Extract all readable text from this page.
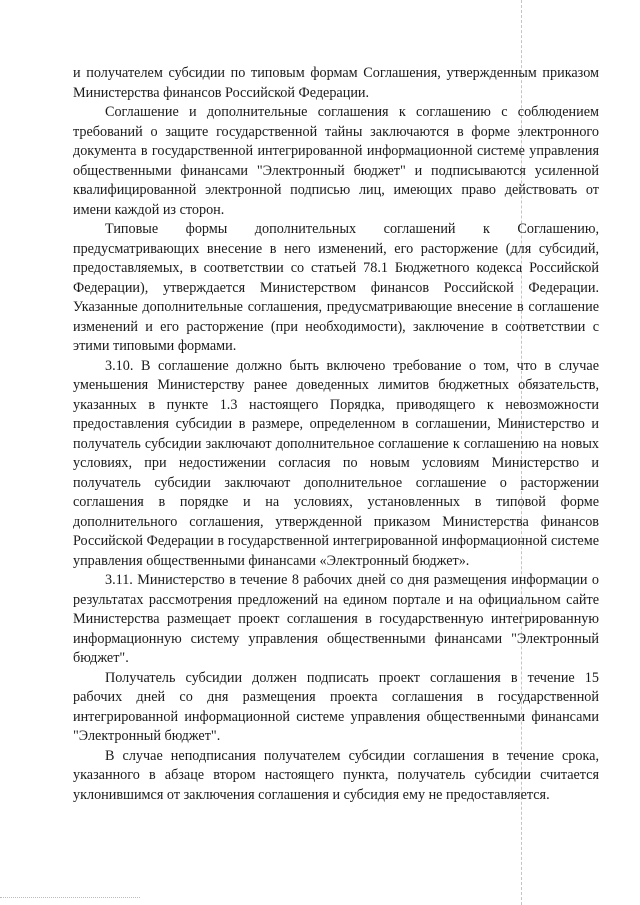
и получателем субсидии по типовым формам Соглашения, утвержденным приказом Министерства финансов Российской Федерации.

Соглашение и дополнительные соглашения к соглашению с соблюдением требований о защите государственной тайны заключаются в форме электронного документа в государственной интегрированной информационной системе управления общественными финансами "Электронный бюджет" и подписываются усиленной квалифицированной электронной подписью лиц, имеющих право действовать от имени каждой из сторон.

Типовые формы дополнительных соглашений к Соглашению, предусматривающих внесение в него изменений, его расторжение (для субсидий, предоставляемых, в соответствии со статьей 78.1 Бюджетного кодекса Российской Федерации), утверждается Министерством финансов Российской Федерации. Указанные дополнительные соглашения, предусматривающие внесение в соглашение изменений и его расторжение (при необходимости), заключение в соответствии с этими типовыми формами.

3.10. В соглашение должно быть включено требование о том, что в случае уменьшения Министерству ранее доведенных лимитов бюджетных обязательств, указанных в пункте 1.3 настоящего Порядка, приводящего к невозможности предоставления субсидии в размере, определенном в соглашении, Министерство и получатель субсидии заключают дополнительное соглашение к соглашению на новых условиях, при недостижении согласия по новым условиям Министерство и получатель субсидии заключают дополнительное соглашение о расторжении соглашения в порядке и на условиях, установленных в типовой форме дополнительного соглашения, утвержденной приказом Министерства финансов Российской Федерации в государственной интегрированной информационной системе управления общественными финансами «Электронный бюджет».

3.11. Министерство в течение 8 рабочих дней со дня размещения информации о результатах рассмотрения предложений на едином портале и на официальном сайте Министерства размещает проект соглашения в государственную интегрированную информационную систему управления общественными финансами "Электронный бюджет".

Получатель субсидии должен подписать проект соглашения в течение 15 рабочих дней со дня размещения проекта соглашения в государственной интегрированной информационной системе управления общественными финансами "Электронный бюджет".

В случае неподписания получателем субсидии соглашения в течение срока, указанного в абзаце втором настоящего пункта, получатель субсидии считается уклонившимся от заключения соглашения и субсидия ему не предоставляется.
